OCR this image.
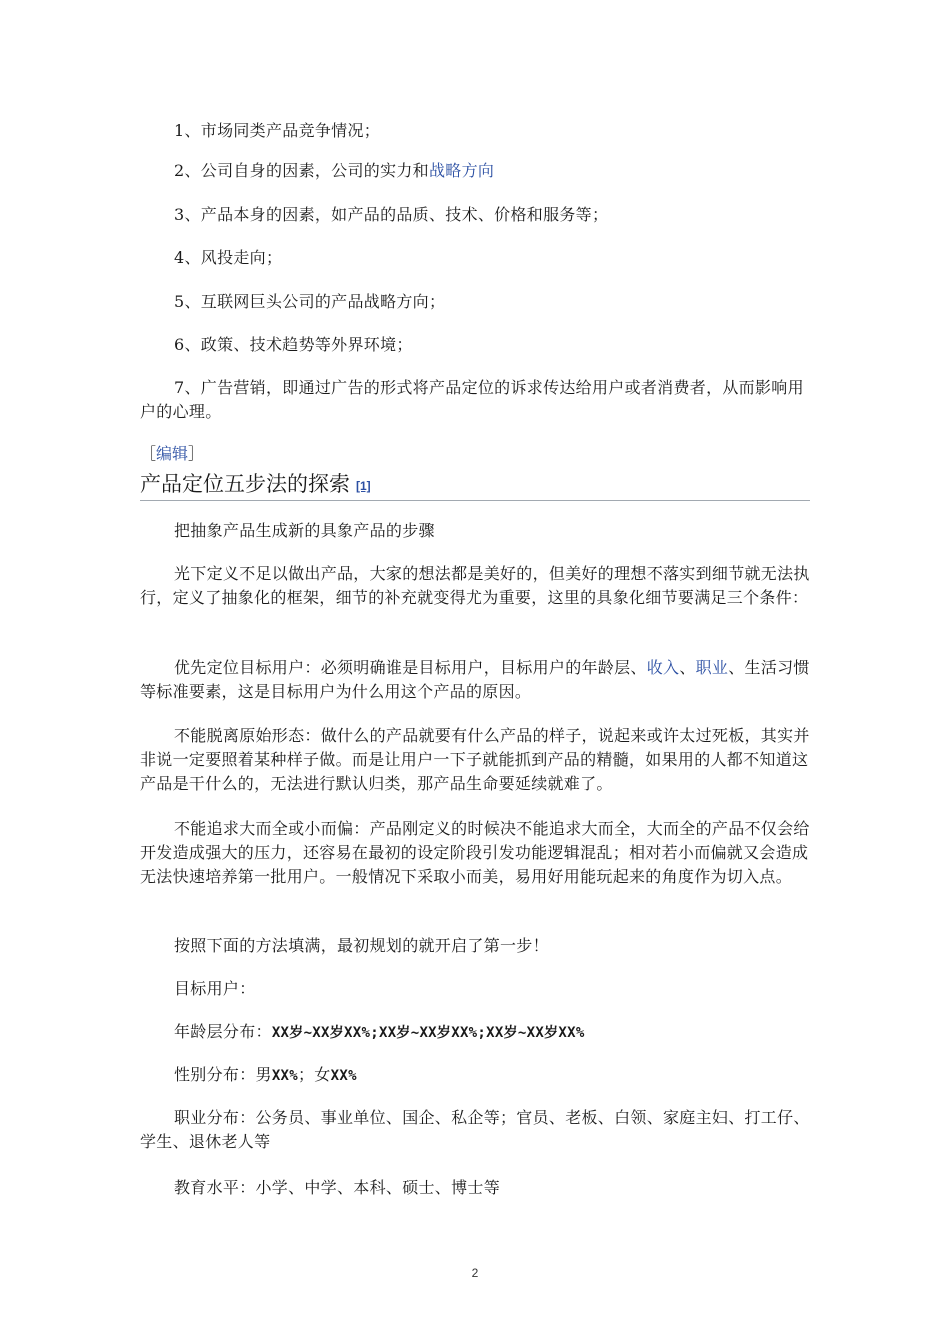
1、市场同类产品竞争情况；

2、公司自身的因素，公司的实力和战略方向

3、产品本身的因素，如产品的品质、技术、价格和服务等；

4、风投走向；

5、互联网巨头公司的产品战略方向；

6、政策、技术趋势等外界环境；

7、广告营销，即通过广告的形式将产品定位的诉求传达给用户或者消费者，从而影响用户的心理。

［编辑］
产品定位五步法的探索 [1]

把抽象产品生成新的具象产品的步骤

光下定义不足以做出产品，大家的想法都是美好的，但美好的理想不落实到细节就无法执行，定义了抽象化的框架，细节的补充就变得尤为重要，这里的具象化细节要满足三个条件：

优先定位目标用户：必须明确谁是目标用户，目标用户的年龄层、收入、职业、生活习惯等标准要素，这是目标用户为什么用这个产品的原因。

不能脱离原始形态：做什么的产品就要有什么产品的样子，说起来或许太过死板，其实并非说一定要照着某种样子做。而是让用户一下子就能抓到产品的精髓，如果用的人都不知道这产品是干什么的，无法进行默认归类，那产品生命要延续就难了。

不能追求大而全或小而偏：产品刚定义的时候决不能追求大而全，大而全的产品不仅会给开发造成强大的压力，还容易在最初的设定阶段引发功能逻辑混乱；相对若小而偏就又会造成无法快速培养第一批用户。一般情况下采取小而美，易用好用能玩起来的角度作为切入点。

按照下面的方法填满，最初规划的就开启了第一步！

目标用户：

年龄层分布：XX岁~XX岁XX%;XX岁~XX岁XX%;XX岁~XX岁XX%

性别分布：男XX%；女XX%

职业分布：公务员、事业单位、国企、私企等；官员、老板、白领、家庭主妇、打工仔、学生、退休老人等

教育水平：小学、中学、本科、硕士、博士等

2
